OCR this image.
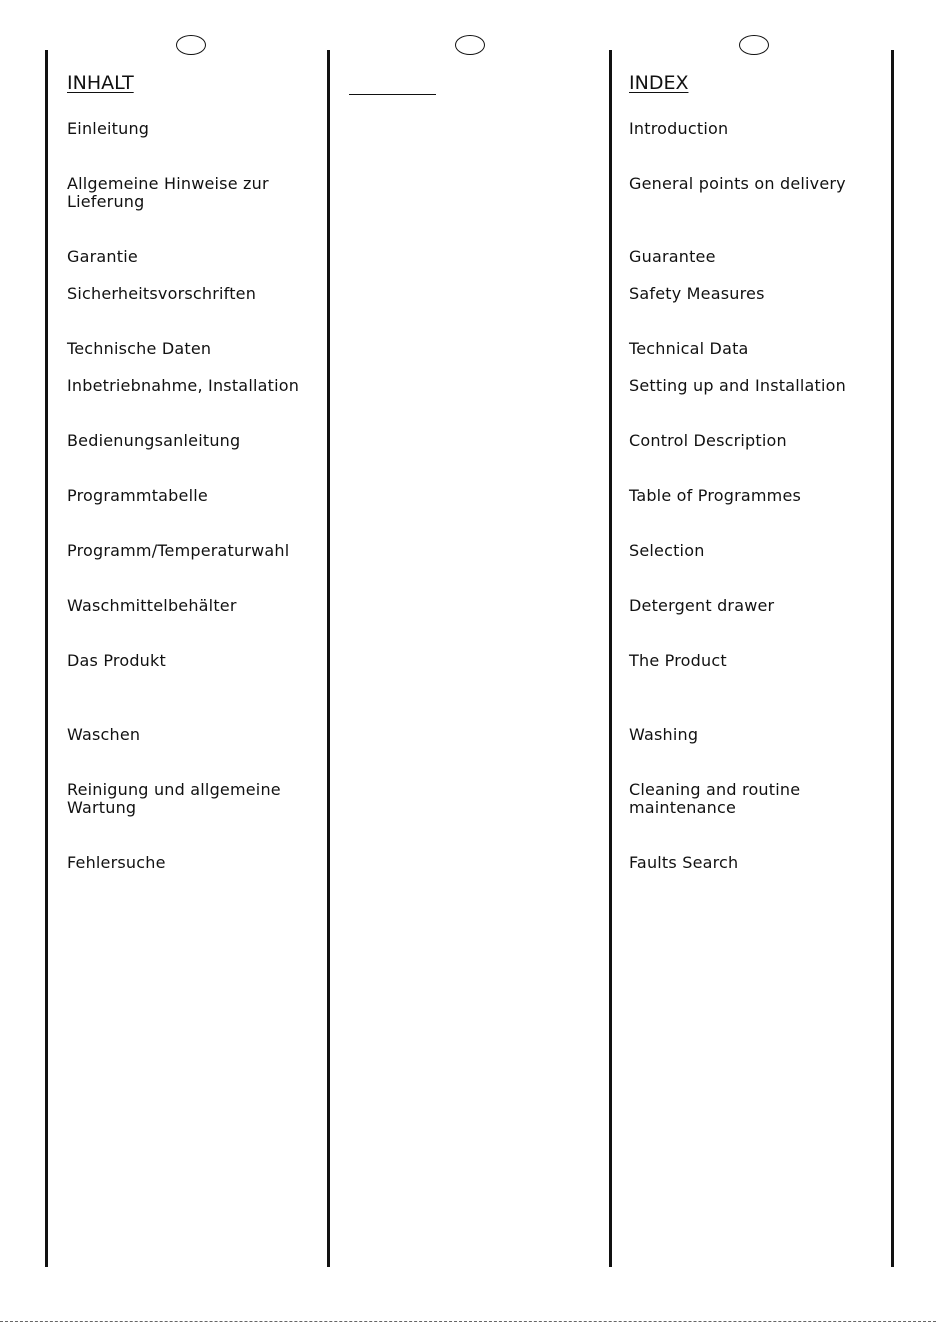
INHALT

Einleitung

Allgemeine Hinweise zur
Lieferung

Garantie

Sicherheitsvorschriften

Technische Daten

Inbetriebnahme, Installation

Bedienungsanleitung

Programmtabelle

Programm/Temperaturwahl

Waschmittelbehälter

Das Produkt

Waschen

Reinigung und allgemeine
Wartung

Fehlersuche

INDEX

Introduction

General points on delivery

Guarantee

Safety Measures

Technical Data

Setting up and Installation

Control Description

Table of Programmes

Selection

Detergent drawer

The Product

Washing

Cleaning and routine
maintenance

Faults Search
